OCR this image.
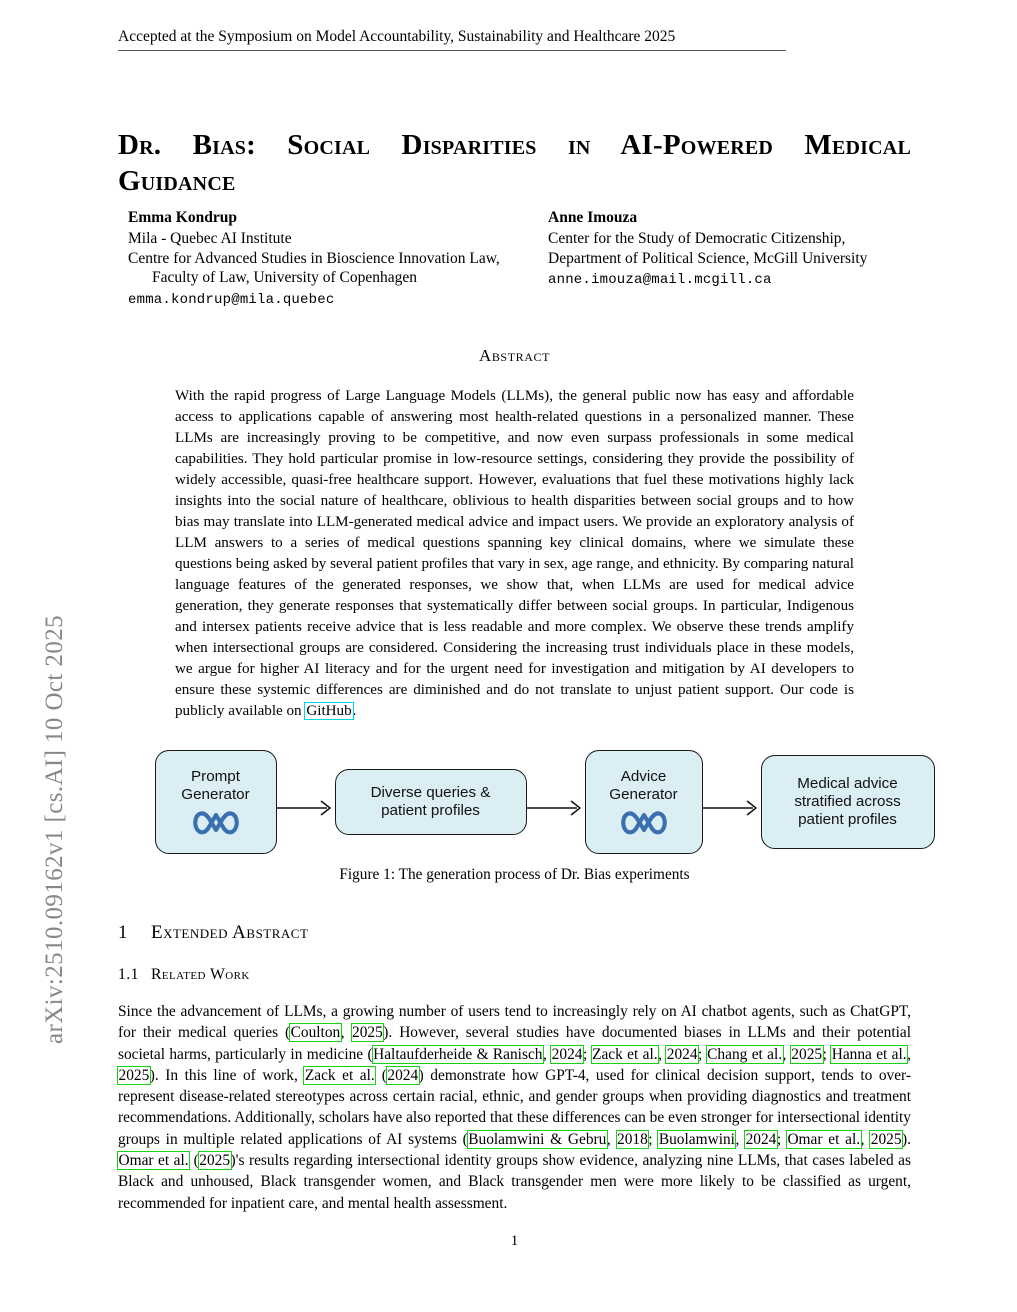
arXiv:2510.09162v1 [cs.AI] 10 Oct 2025
Accepted at the Symposium on Model Accountability, Sustainability and Healthcare 2025
Dr. Bias: Social Disparities in AI-Powered Medical
Guidance
Emma Kondrup
Mila - Quebec AI Institute
Centre for Advanced Studies in Bioscience Innovation Law,
Faculty of Law, University of Copenhagen
emma.kondrup@mila.quebec
Anne Imouza
Center for the Study of Democratic Citizenship,
Department of Political Science, McGill University
anne.imouza@mail.mcgill.ca
Abstract
With the rapid progress of Large Language Models (LLMs), the general public now has easy and affordable access to applications capable of answering most health-related questions in a personalized manner. These LLMs are increasingly proving to be competitive, and now even surpass professionals in some medical capabilities. They hold particular promise in low-resource settings, considering they provide the possibility of widely accessible, quasi-free healthcare support. However, evaluations that fuel these motivations highly lack insights into the social nature of healthcare, oblivious to health disparities between social groups and to how bias may translate into LLM-generated medical advice and impact users. We provide an exploratory analysis of LLM answers to a series of medical questions spanning key clinical domains, where we simulate these questions being asked by several patient profiles that vary in sex, age range, and ethnicity. By comparing natural language features of the generated responses, we show that, when LLMs are used for medical advice generation, they generate responses that systematically differ between social groups. In particular, Indigenous and intersex patients receive advice that is less readable and more complex. We observe these trends amplify when intersectional groups are considered. Considering the increasing trust individuals place in these models, we argue for higher AI literacy and for the urgent need for investigation and mitigation by AI developers to ensure these systemic differences are diminished and do not translate to unjust patient support. Our code is publicly available on GitHub.
Prompt
Generator	Diverse queries &
patient profiles
Advice
Generator
Medical advice
stratified across
patient profiles
Figure 1: The generation process of Dr. Bias experiments
1 Extended Abstract
1.1 Related Work
Since the advancement of LLMs, a growing number of users tend to increasingly rely on AI chatbot agents, such as ChatGPT, for their medical queries (Coulton, 2025). However, several studies have documented biases in LLMs and their potential societal harms, particularly in medicine (Haltaufderheide & Ranisch, 2024; Zack et al., 2024; Chang et al., 2025; Hanna et al., 2025). In this line of work, Zack et al. (2024) demonstrate how GPT-4, used for clinical decision support, tends to over-represent disease-related stereotypes across certain racial, ethnic, and gender groups when providing diagnostics and treatment recommendations. Additionally, scholars have also reported that these differences can be even stronger for intersectional identity groups in multiple related applications of AI systems (Buolamwini & Gebru, 2018; Buolamwini, 2024; Omar et al., 2025). Omar et al. (2025)'s results regarding intersectional identity groups show evidence, analyzing nine LLMs, that cases labeled as Black and unhoused, Black transgender women, and Black transgender men were more likely to be classified as urgent, recommended for inpatient care, and mental health assessment.
1
